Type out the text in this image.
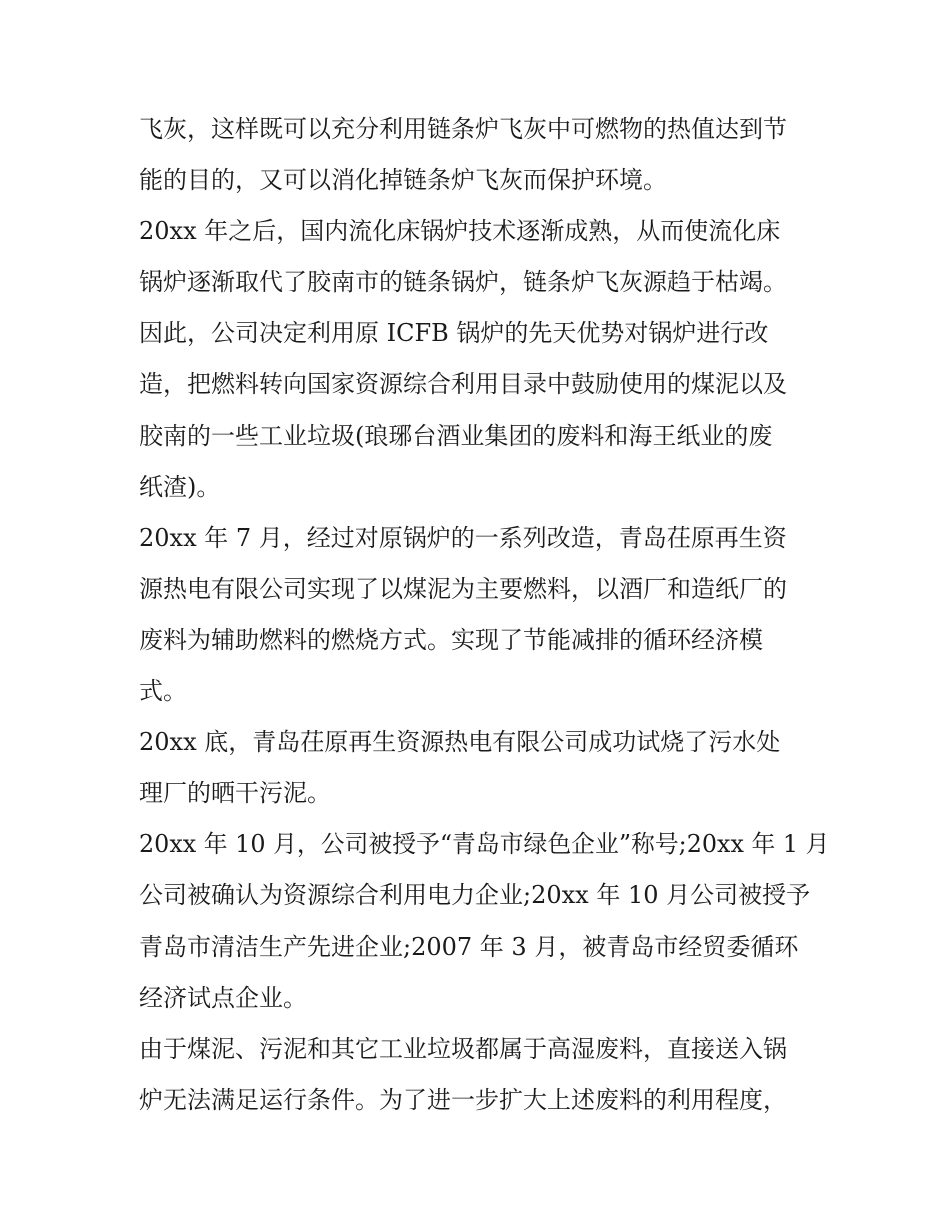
飞灰，这样既可以充分利用链条炉飞灰中可燃物的热值达到节
能的目的，又可以消化掉链条炉飞灰而保护环境。
20xx 年之后，国内流化床锅炉技术逐渐成熟，从而使流化床
锅炉逐渐取代了胶南市的链条锅炉，链条炉飞灰源趋于枯竭。
因此，公司决定利用原 ICFB 锅炉的先天优势对锅炉进行改
造，把燃料转向国家资源综合利用目录中鼓励使用的煤泥以及
胶南的一些工业垃圾(琅琊台酒业集团的废料和海王纸业的废
纸渣)。
20xx 年 7 月，经过对原锅炉的一系列改造，青岛茌原再生资
源热电有限公司实现了以煤泥为主要燃料，以酒厂和造纸厂的
废料为辅助燃料的燃烧方式。实现了节能减排的循环经济模
式。
20xx 底，青岛茌原再生资源热电有限公司成功试烧了污水处
理厂的晒干污泥。
20xx 年 10 月，公司被授予“青岛市绿色企业”称号;20xx 年 1 月
公司被确认为资源综合利用电力企业;20xx 年 10 月公司被授予
青岛市清洁生产先进企业;2007 年 3 月，被青岛市经贸委循环
经济试点企业。
由于煤泥、污泥和其它工业垃圾都属于高湿废料，直接送入锅
炉无法满足运行条件。为了进一步扩大上述废料的利用程度，
